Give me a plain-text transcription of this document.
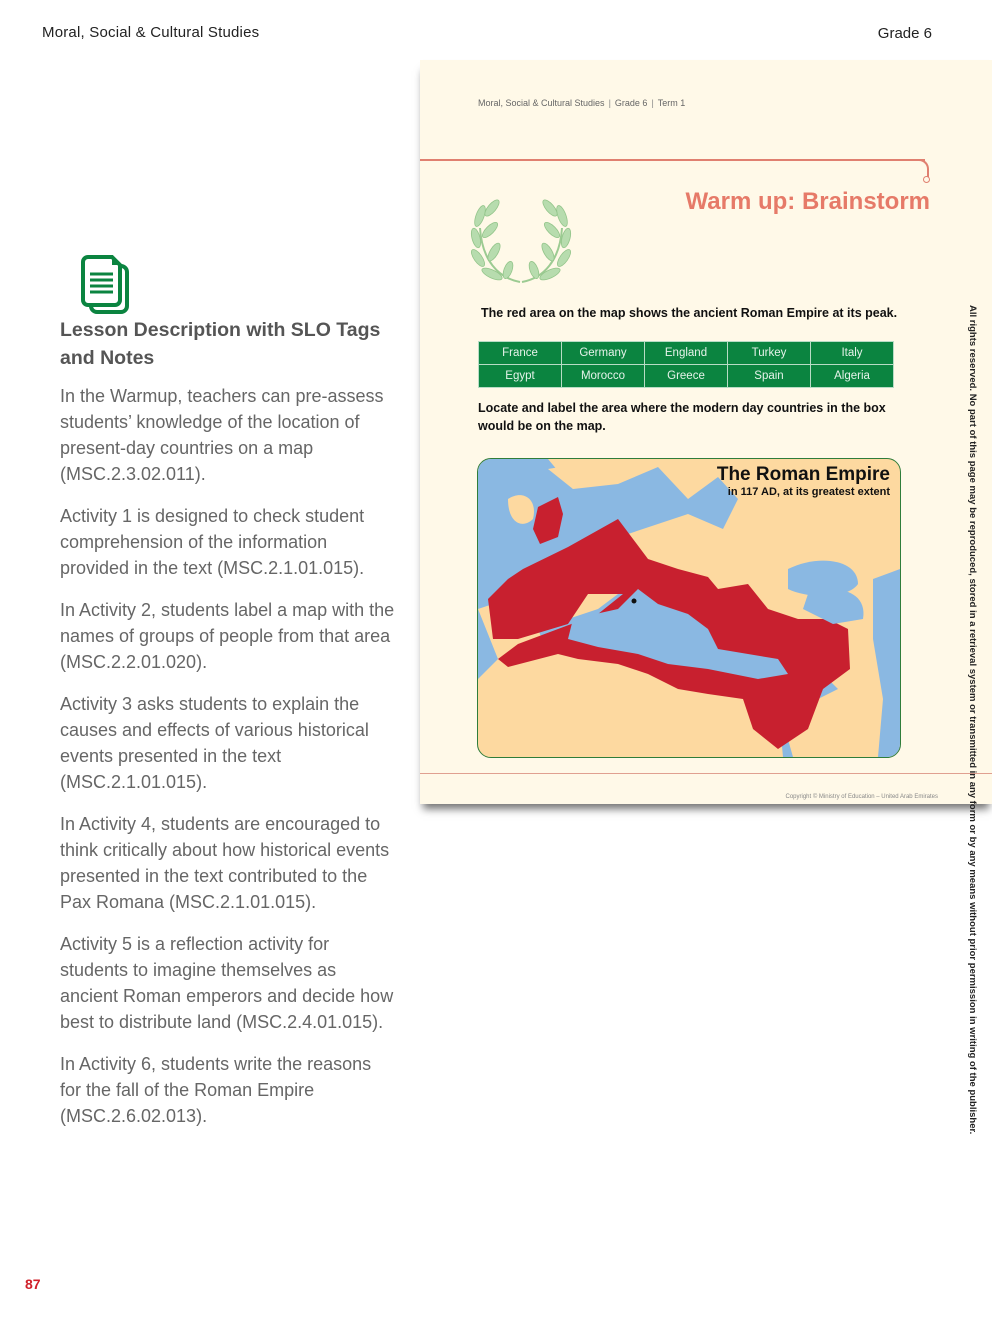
Moral, Social & Cultural Studies	Grade 6
Lesson Description with SLO Tags and Notes

In the Warmup, teachers can pre-assess students’ knowledge of the location of present-day countries on a map (MSC.2.3.02.011).

Activity 1 is designed to check student comprehension of the information provided in the text (MSC.2.1.01.015).

In Activity 2, students label a map with the names of groups of people from that area (MSC.2.2.01.020).

Activity 3 asks students to explain the causes and effects of various historical events presented in the text (MSC.2.1.01.015).

In Activity 4, students are encouraged to think critically about how historical events presented in the text contributed to the Pax Romana (MSC.2.1.01.015).

Activity 5 is a reflection activity for students to imagine themselves as ancient Roman emperors and decide how best to distribute land (MSC.2.4.01.015).

In Activity 6, students write the reasons for the fall of the Roman Empire (MSC.2.6.02.013).

87
Moral, Social & Cultural Studies | Grade 6 | Term 1
Warm up: Brainstorm
The red area on the map shows the ancient Roman Empire at its peak.
France	Germany	England	Turkey	Italy
Egypt	Morocco	Greece	Spain	Algeria
Locate and label the area where the modern day countries in the box would be on the map.
The Roman Empire
in 117 AD, at its greatest extent
Copyright © Ministry of Education – United Arab Emirates	All rights reserved. No part of this page may be reproduced, stored in a retrieval system or transmitted in any form or by any means without prior permission in writing of the publisher.
